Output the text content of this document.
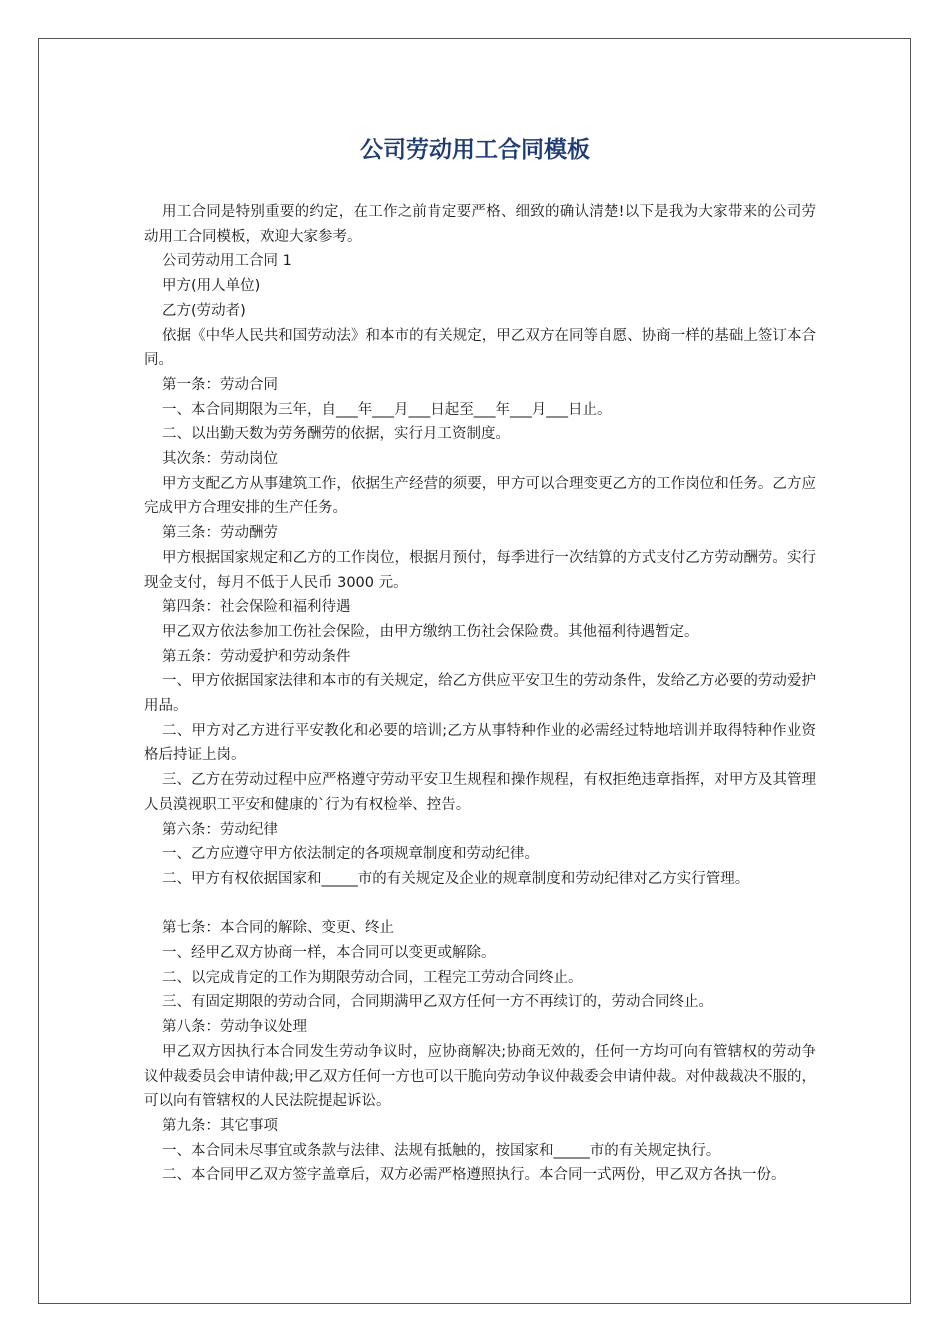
公司劳动用工合同模板

用工合同是特别重要的约定，在工作之前肯定要严格、细致的确认清楚!以下是我为大家带来的公司劳动用工合同模板，欢迎大家参考。

公司劳动用工合同 1

甲方(用人单位)

乙方(劳动者)

依据《中华人民共和国劳动法》和本市的有关规定，甲乙双方在同等自愿、协商一样的基础上签订本合同。

第一条：劳动合同

一、本合同期限为三年，自___年___月___日起至___年___月___日止。

二、以出勤天数为劳务酬劳的依据，实行月工资制度。

其次条：劳动岗位

甲方支配乙方从事建筑工作，依据生产经营的须要，甲方可以合理变更乙方的工作岗位和任务。乙方应完成甲方合理安排的生产任务。

第三条：劳动酬劳

甲方根据国家规定和乙方的工作岗位，根据月预付，每季进行一次结算的方式支付乙方劳动酬劳。实行现金支付，每月不低于人民币 3000 元。

第四条：社会保险和福利待遇

甲乙双方依法参加工伤社会保险，由甲方缴纳工伤社会保险费。其他福利待遇暂定。

第五条：劳动爱护和劳动条件

一、甲方依据国家法律和本市的有关规定，给乙方供应平安卫生的劳动条件，发给乙方必要的劳动爱护用品。

二、甲方对乙方进行平安教化和必要的培训;乙方从事特种作业的必需经过特地培训并取得特种作业资格后持证上岗。

三、乙方在劳动过程中应严格遵守劳动平安卫生规程和操作规程，有权拒绝违章指挥，对甲方及其管理人员漠视职工平安和健康的`行为有权检举、控告。

第六条：劳动纪律

一、乙方应遵守甲方依法制定的各项规章制度和劳动纪律。

二、甲方有权依据国家和_____市的有关规定及企业的规章制度和劳动纪律对乙方实行管理。

第七条：本合同的解除、变更、终止

一、经甲乙双方协商一样，本合同可以变更或解除。

二、以完成肯定的工作为期限劳动合同，工程完工劳动合同终止。

三、有固定期限的劳动合同，合同期满甲乙双方任何一方不再续订的，劳动合同终止。

第八条：劳动争议处理

甲乙双方因执行本合同发生劳动争议时，应协商解决;协商无效的，任何一方均可向有管辖权的劳动争议仲裁委员会申请仲裁;甲乙双方任何一方也可以干脆向劳动争议仲裁委会申请仲裁。对仲裁裁决不服的，可以向有管辖权的人民法院提起诉讼。

第九条：其它事项

一、本合同未尽事宜或条款与法律、法规有抵触的，按国家和_____市的有关规定执行。

二、本合同甲乙双方签字盖章后，双方必需严格遵照执行。本合同一式两份，甲乙双方各执一份。
